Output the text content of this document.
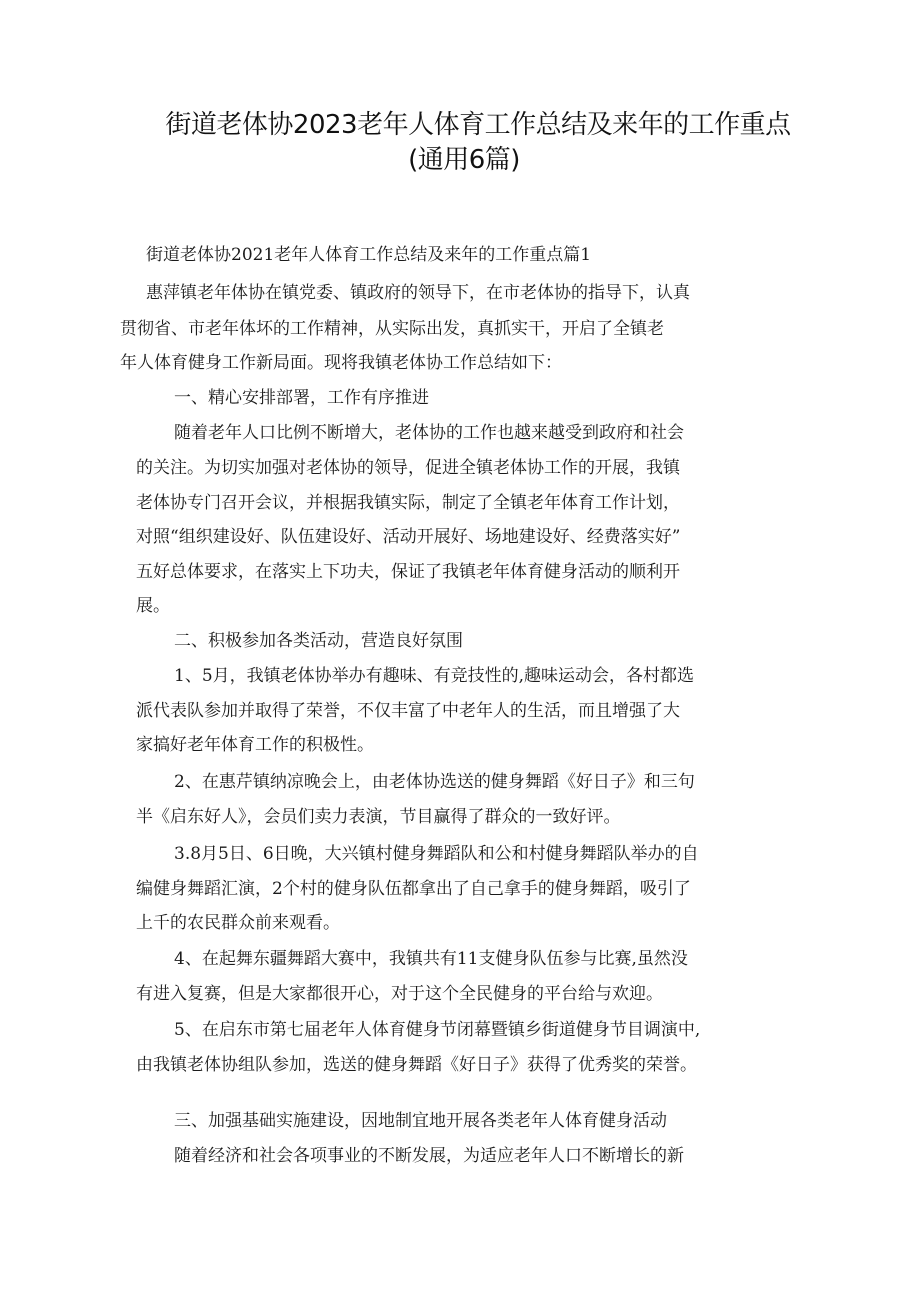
街道老体协2023老年人体育工作总结及来年的工作重点
(通用6篇)
街道老体协2021老年人体育工作总结及来年的工作重点篇1
惠萍镇老年体协在镇党委、镇政府的领导下，在市老体协的指导下，认真
贯彻省、市老年体坏的工作精神，从实际出发，真抓实干，开启了全镇老
年人体育健身工作新局面。现将我镇老体协工作总结如下：
一、精心安排部署，工作有序推进
随着老年人口比例不断增大，老体协的工作也越来越受到政府和社会
的关注。为切实加强对老体协的领导，促进全镇老体协工作的开展，我镇
老体协专门召开会议，并根据我镇实际，制定了全镇老年体育工作计划，
对照“组织建设好、队伍建设好、活动开展好、场地建设好、经费落实好”
五好总体要求，在落实上下功夫，保证了我镇老年体育健身活动的顺利开
展。
二、积极参加各类活动，营造良好氛围
1、5月，我镇老体协举办有趣味、有竞技性的,趣味运动会，各村都选
派代表队参加并取得了荣誉，不仅丰富了中老年人的生活，而且增强了大
家搞好老年体育工作的积极性。
2、在惠芹镇纳凉晚会上，由老体协选送的健身舞蹈《好日子》和三句
半《启东好人》，会员们卖力表演，节目赢得了群众的一致好评。
3.8月5日、6日晚，大兴镇村健身舞蹈队和公和村健身舞蹈队举办的自
编健身舞蹈汇演，2个村的健身队伍都拿出了自己拿手的健身舞蹈，吸引了
上千的农民群众前来观看。
4、在起舞东疆舞蹈大赛中，我镇共有11支健身队伍参与比赛,虽然没
有进入复赛，但是大家都很开心，对于这个全民健身的平台给与欢迎。
5、在启东市第七届老年人体育健身节闭幕暨镇乡街道健身节目调演中,
由我镇老体协组队参加，选送的健身舞蹈《好日子》获得了优秀奖的荣誉。
三、加强基础实施建设，因地制宜地开展各类老年人体育健身活动
随着经济和社会各项事业的不断发展，为适应老年人口不断增长的新
